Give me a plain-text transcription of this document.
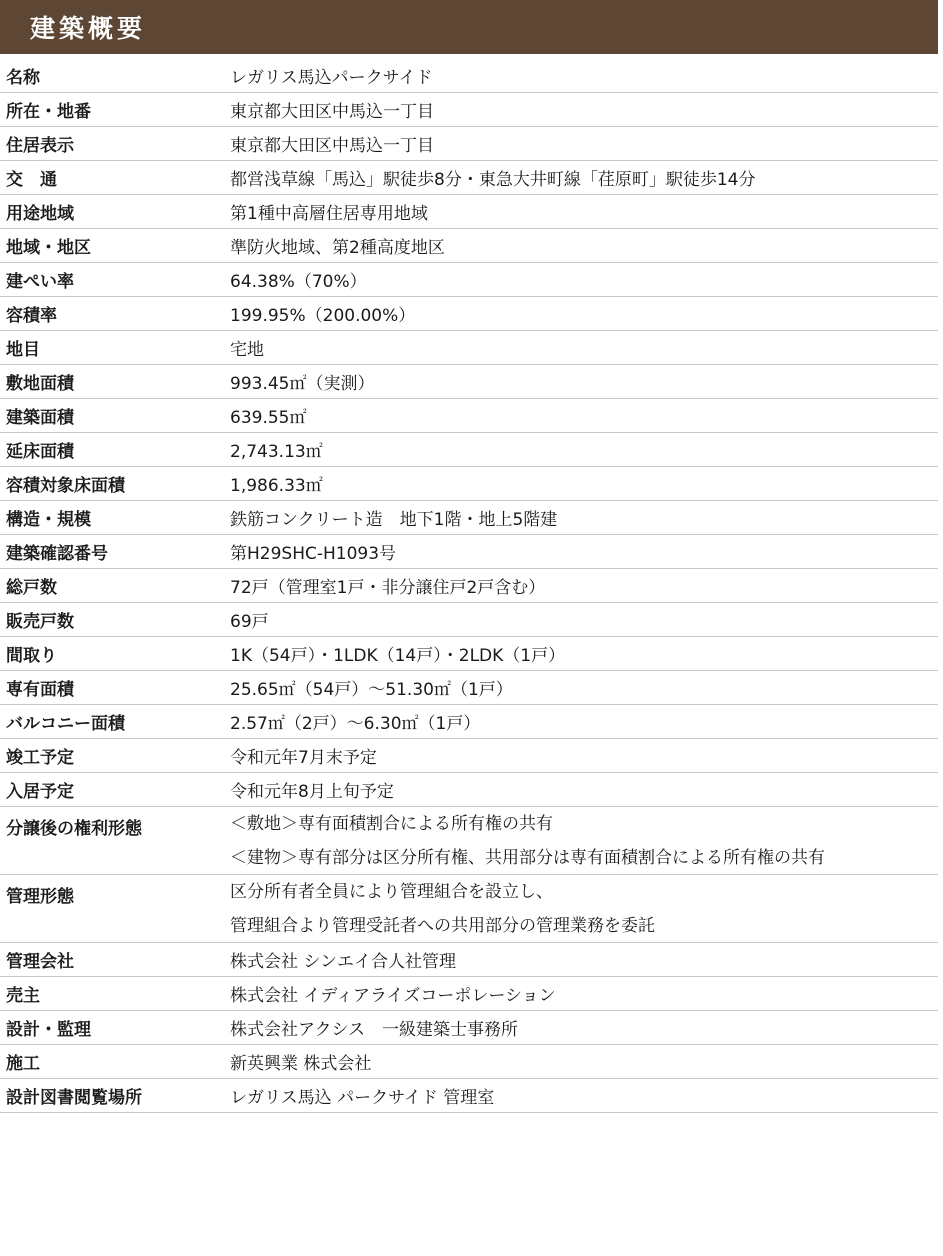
建築概要
名称	レガリス馬込パークサイド
所在・地番	東京都大田区中馬込一丁目
住居表示	東京都大田区中馬込一丁目
交　通	都営浅草線「馬込」駅徒歩8分・東急大井町線「荏原町」駅徒歩14分
用途地域	第1種中高層住居専用地域
地域・地区	準防火地域、第2種高度地区
建ぺい率	64.38%（70%）
容積率	199.95%（200.00%）
地目	宅地
敷地面積	993.45㎡（実測）
建築面積	639.55㎡
延床面積	2,743.13㎡
容積対象床面積	1,986.33㎡
構造・規模	鉄筋コンクリート造　地下1階・地上5階建
建築確認番号	第H29SHC-H1093号
総戸数	72戸（管理室1戸・非分譲住戸2戸含む）
販売戸数	69戸
間取り	1K（54戸）・1LDK（14戸）・2LDK（1戸）
専有面積	25.65㎡（54戸）～51.30㎡（1戸）
バルコニー面積	2.57㎡（2戸）～6.30㎡（1戸）
竣工予定	令和元年7月末予定
入居予定	令和元年8月上旬予定
分譲後の権利形態	＜敷地＞専有面積割合による所有権の共有
＜建物＞専有部分は区分所有権、共用部分は専有面積割合による所有権の共有
管理形態	区分所有者全員により管理組合を設立し、
管理組合より管理受託者への共用部分の管理業務を委託
管理会社	株式会社 シンエイ合人社管理
売主	株式会社 イディアライズコーポレーション
設計・監理	株式会社アクシス　一級建築士事務所
施工	新英興業 株式会社
設計図書閲覧場所	レガリス馬込 パークサイド 管理室
